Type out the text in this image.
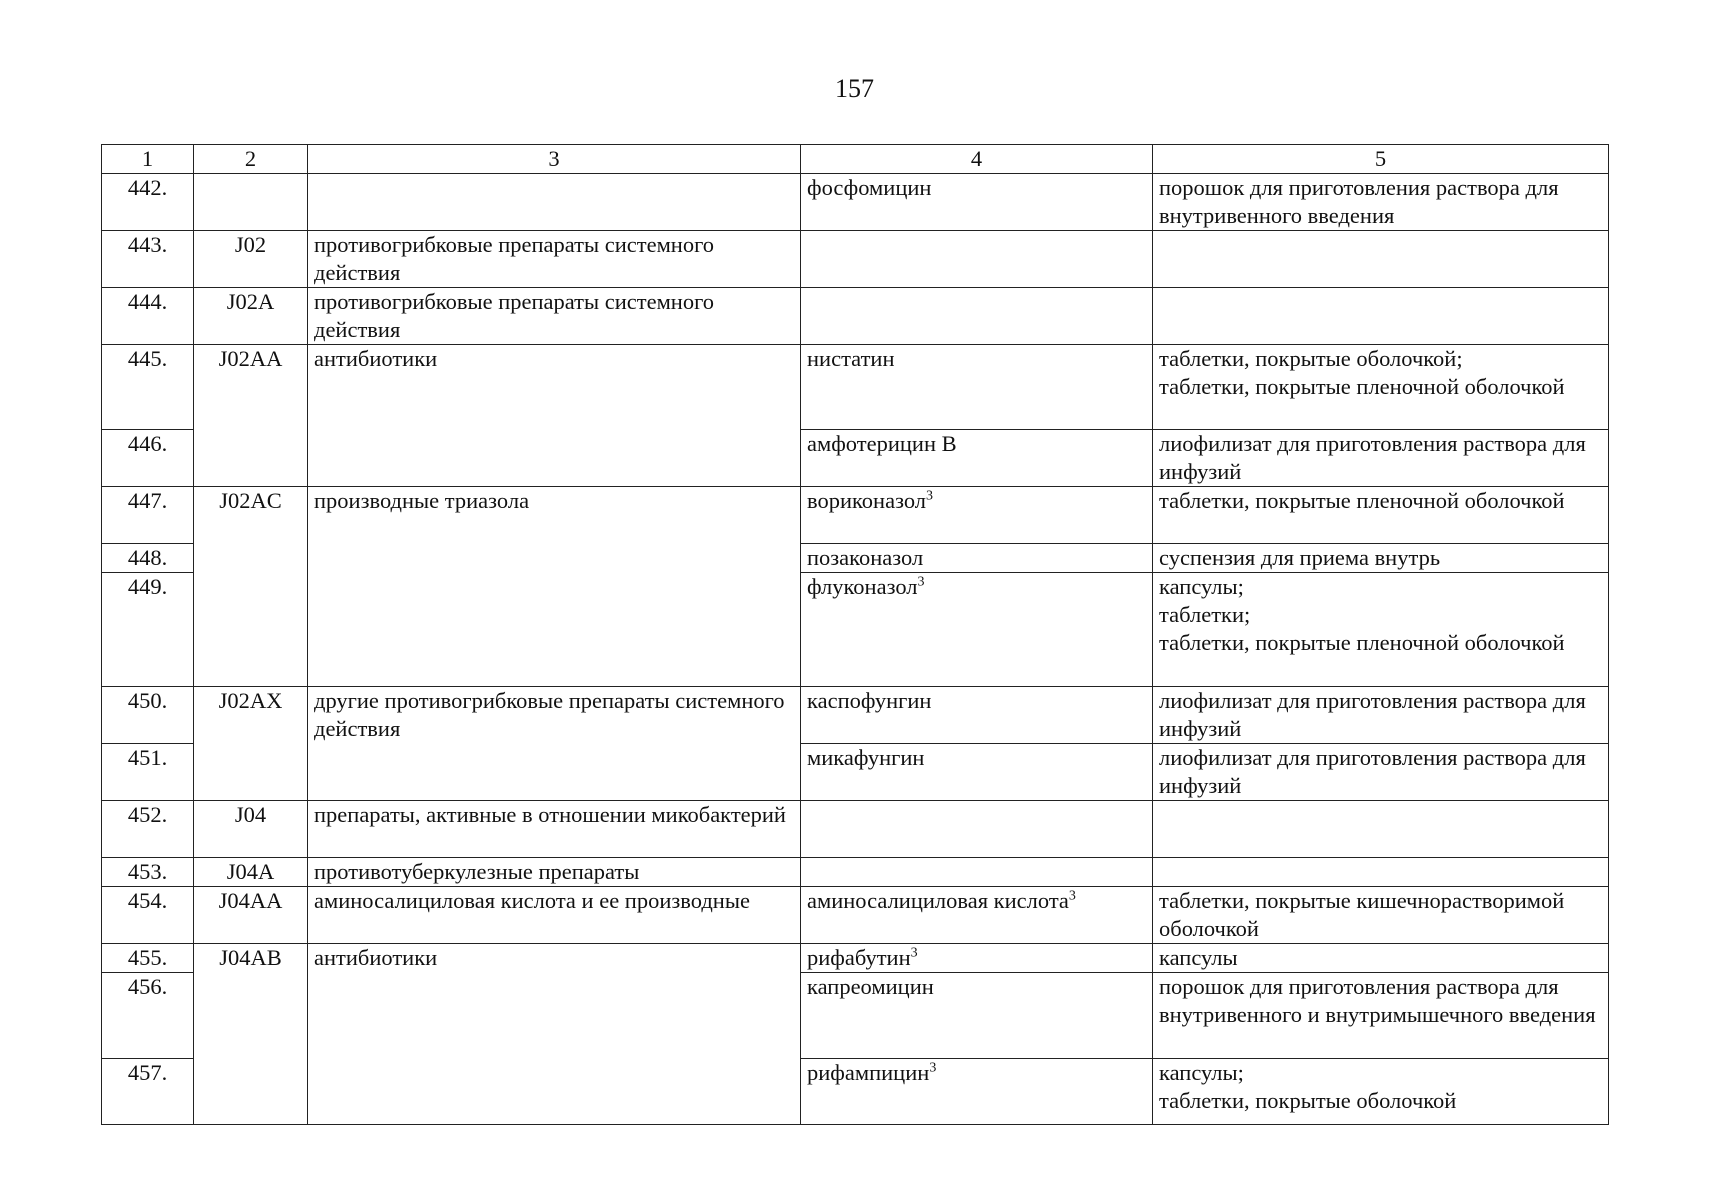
157
1	2	3	4	5
442.			фосфомицин	порошок для приготовления раствора для внутривенного введения
443.	J02	противогрибковые препараты системного действия		
444.	J02A	противогрибковые препараты системного действия		
445.	J02AA	антибиотики	нистатин	таблетки, покрытые оболочкой;
таблетки, покрытые пленочной оболочкой
446.			амфотерицин В	лиофилизат для приготовления раствора для инфузий
447.	J02AC	производные триазола	вориконазол$^3$	таблетки, покрытые пленочной оболочкой
448.			позаконазол	суспензия для приема внутрь
449.			флуконазол$^3$	капсулы;
таблетки;
таблетки, покрытые пленочной оболочкой
450.	J02AX	другие противогрибковые препараты системного действия	каспофунгин	лиофилизат для приготовления раствора для инфузий
451.			микафунгин	лиофилизат для приготовления раствора для инфузий
452.	J04	препараты, активные в отношении микобактерий		
453.	J04A	противотуберкулезные препараты		
454.	J04AA	аминосалициловая кислота и ее производные	аминосалициловая кислота$^3$	таблетки, покрытые кишечнорастворимой оболочкой
455.	J04AB	антибиотики	рифабутин$^3$	капсулы
456.			капреомицин	порошок для приготовления раствора для внутривенного и внутримышечного введения
457.			рифампицин$^3$	капсулы;
таблетки, покрытые оболочкой
